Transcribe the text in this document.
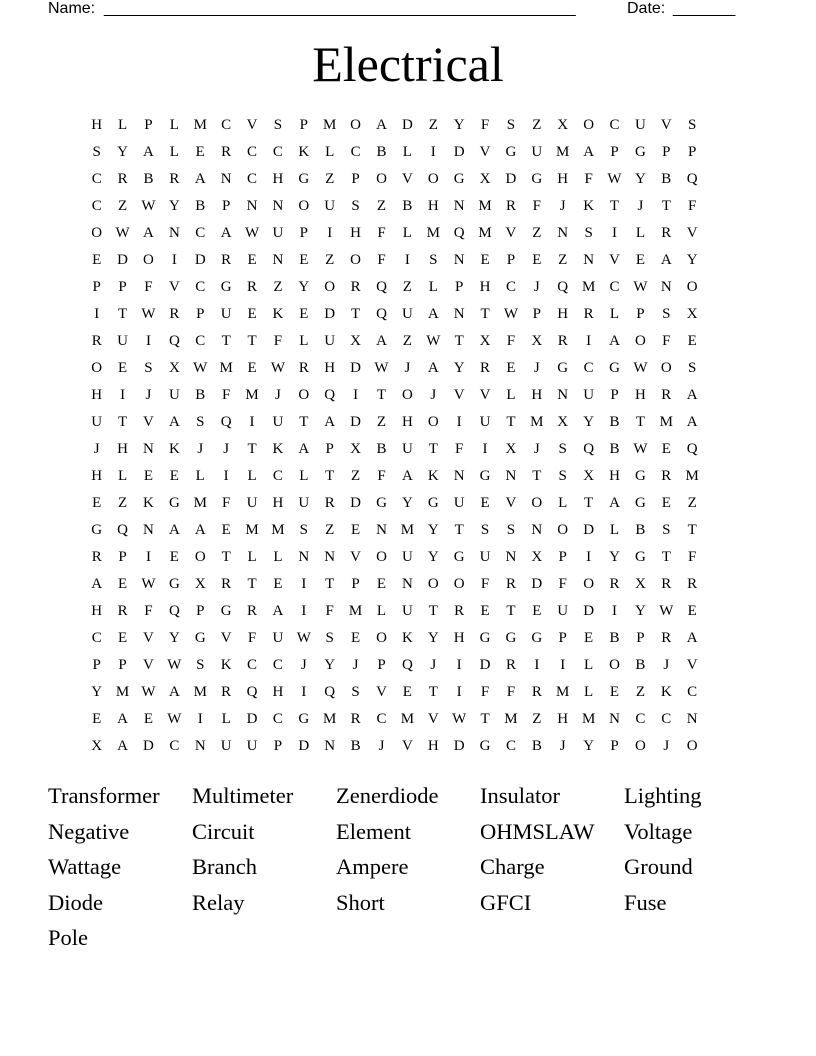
Name: _____________________________________________________	Date: _______
Electrical
H	L	P	L M C V	S	P M O A D	Z	Y	F	S	Z	X O C U V	S
S	Y A	L	E	R	C	C K	L	C	B	L	I	D V G U M A	P	G	P	P
C	R	B	R A N C H G	Z	P	O V O G X D G H	F W Y B Q
C	Z W Y B	P	N N O U	S	Z	B H N M R	F	J	K	T	J	T	F
O W A N C A W U	P	I	H	F	L M Q M V	Z	N	S	I	L	R V
E	D O	I	D R	E	N	E	Z	O	F	I	S	N	E	P	E	Z	N V	E	A Y
P	P	F	V C G R	Z	Y O R Q	Z	L	P	H C	J	Q M C W N O
I	T W R	P	U	E	K	E	D	T	Q U A N	T W P	H R	L	P	S	X
R U	I	Q C	T	T	F	L	U X A	Z W T	X	F	X R	I	A O	F	E
O	E	S	X W M E W R H D W	J	A Y R	E	J	G C G W O	S
H	I	J	U B	F M	J	O Q	I	T	O	J	V V	L	H N U	P	H R A
U	T	V A	S	Q	I	U	T	A D	Z	H O	I	U	T M X Y B	T M A
J	H N K	J	J	T	K A	P	X B U	T	F	I	X	J	S	Q B W E	Q
H	L	E	E	L	I	L	C	L	T	Z	F	A K N G N	T	S	X H G R M
E	Z	K G M F	U H U R D G Y G U	E	V O	L	T	A G	E	Z
G Q N A A	E M M S	Z	E	N M Y	T	S	S	N O D	L	B	S	T
R	P	I	E	O	T	L	L	N N V O U Y G U N X	P	I	Y G	T	F
A	E W G X R	T	E	I	T	P	E	N O O	F	R D	F	O R X R	R
H R	F	Q	P	G R A	I	F M L	U	T	R	E	T	E	U D	I	Y W E
C	E	V Y G V	F	U W S	E	O K Y H G G G	P	E	B	P	R A
P	P	V W S	K C	C	J	Y	J	P	Q	J	I	D R	I	I	L	O B	J	V
Y M W A M R Q H	I	Q	S	V	E	T	I	F	F	R M L	E	Z	K C
E	A	E W	I	L	D C G M R	C M V W T M Z	H M N C	C N
X A D C N U U	P	D N B	J	V H D G C	B	J	Y	P	O	J	O
Transformer	Multimeter	Zenerdiode	Insulator	Lighting
Negative	Circuit	Element	OHMSLAW	Voltage
Wattage	Branch	Ampere	Charge	Ground
Diode	Relay	Short	GFCI	Fuse
Pole
